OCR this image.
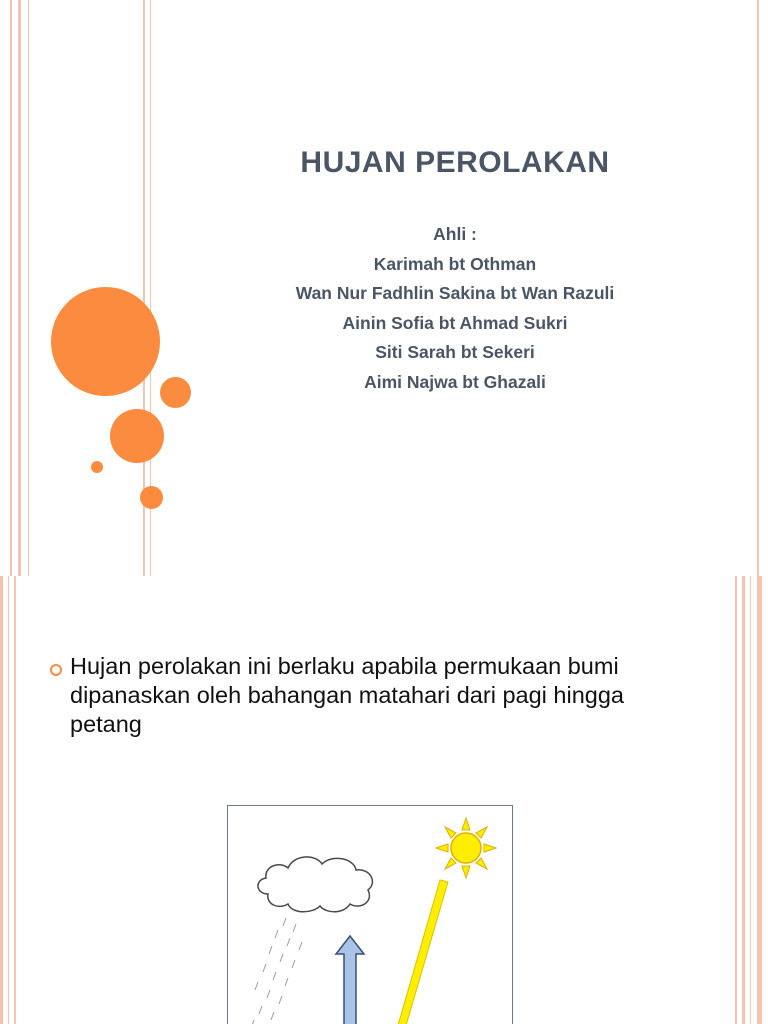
HUJAN PEROLAKAN
Ahli :
Karimah bt Othman
Wan Nur Fadhlin Sakina bt Wan Razuli
Ainin Sofia bt Ahmad Sukri
Siti Sarah bt Sekeri
Aimi Najwa bt Ghazali
Hujan perolakan ini berlaku apabila permukaan bumi dipanaskan oleh bahangan matahari dari pagi hingga petang
